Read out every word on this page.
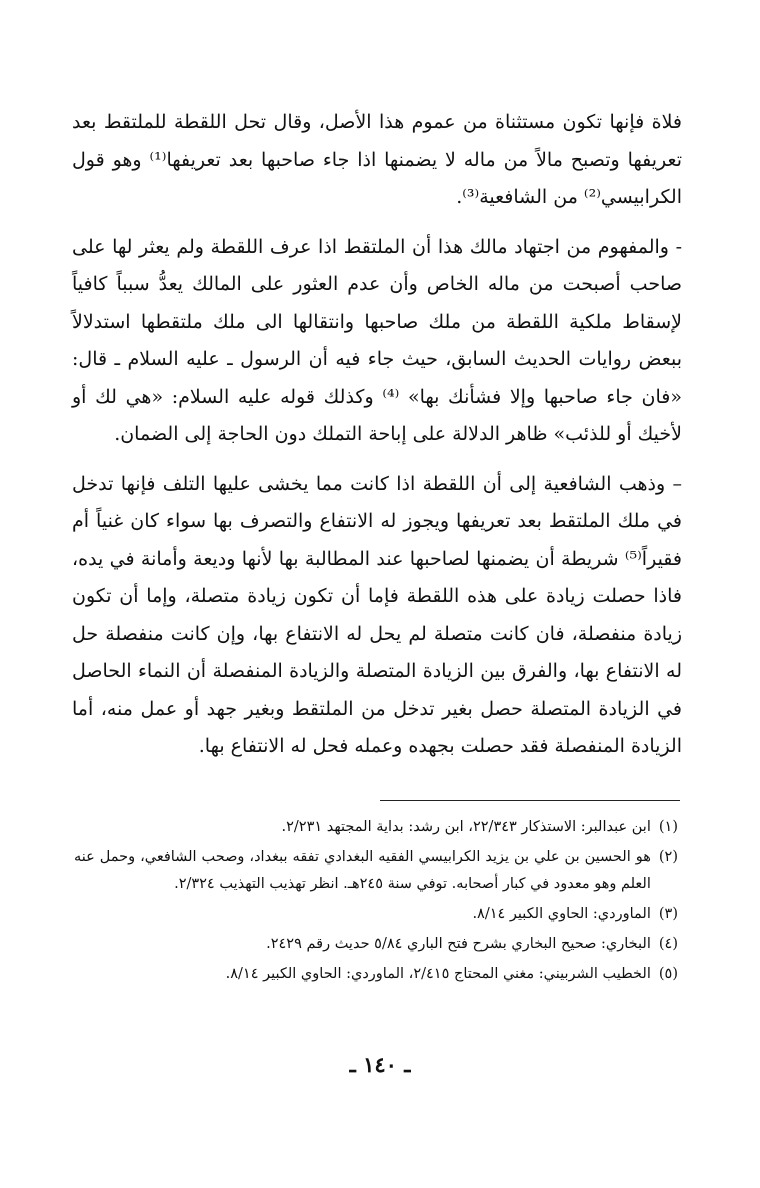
فلاة فإنها تكون مستثناة من عموم هذا الأصل، وقال تحل اللقطة للملتقط بعد تعريفها وتصبح مالاً من ماله لا يضمنها اذا جاء صاحبها بعد تعريفها⁽¹⁾ وهو قول الكرابيسي⁽²⁾ من الشافعية⁽³⁾.

- والمفهوم من اجتهاد مالك هذا أن الملتقط اذا عرف اللقطة ولم يعثر لها على صاحب أصبحت من ماله الخاص وأن عدم العثور على المالك يعدُّ سبباً كافياً لإسقاط ملكية اللقطة من ملك صاحبها وانتقالها الى ملك ملتقطها استدلالاً ببعض روايات الحديث السابق، حيث جاء فيه أن الرسول ـ عليه السلام ـ قال: «فان جاء صاحبها وإلا فشأنك بها» ⁽⁴⁾ وكذلك قوله عليه السلام: «هي لك أو لأخيك أو للذئب» ظاهر الدلالة على إباحة التملك دون الحاجة إلى الضمان.

– وذهب الشافعية إلى أن اللقطة اذا كانت مما يخشى عليها التلف فإنها تدخل في ملك الملتقط بعد تعريفها ويجوز له الانتفاع والتصرف بها سواء كان غنياً أم فقيراً⁽⁵⁾ شريطة أن يضمنها لصاحبها عند المطالبة بها لأنها وديعة وأمانة في يده، فاذا حصلت زيادة على هذه اللقطة فإما أن تكون زيادة متصلة، وإما أن تكون زيادة منفصلة، فان كانت متصلة لم يحل له الانتفاع بها، وإن كانت منفصلة حل له الانتفاع بها، والفرق بين الزيادة المتصلة والزيادة المنفصلة أن النماء الحاصل في الزيادة المتصلة حصل بغير تدخل من الملتقط وبغير جهد أو عمل منه، أما الزيادة المنفصلة فقد حصلت بجهده وعمله فحل له الانتفاع بها.

(١)
ابن عبدالبر: الاستذكار ٢٢/٣٤٣، ابن رشد: بداية المجتهد ٢/٢٣١.
(٢)
هو الحسين بن علي بن يزيد الكرابيسي الفقيه البغدادي تفقه ببغداد، وصحب الشافعي، وحمل عنه العلم وهو معدود في كبار أصحابه. توفي سنة ٢٤٥هـ. انظر تهذيب التهذيب ٢/٣٢٤.
(٣)
الماوردي: الحاوي الكبير ٨/١٤.
(٤)
البخاري: صحيح البخاري بشرح فتح الباري ٥/٨٤ حديث رقم ٢٤٢٩.
(٥)
الخطيب الشربيني: مغني المحتاج ٢/٤١٥، الماوردي: الحاوي الكبير ٨/١٤.
ـ ١٤٠ ـ
